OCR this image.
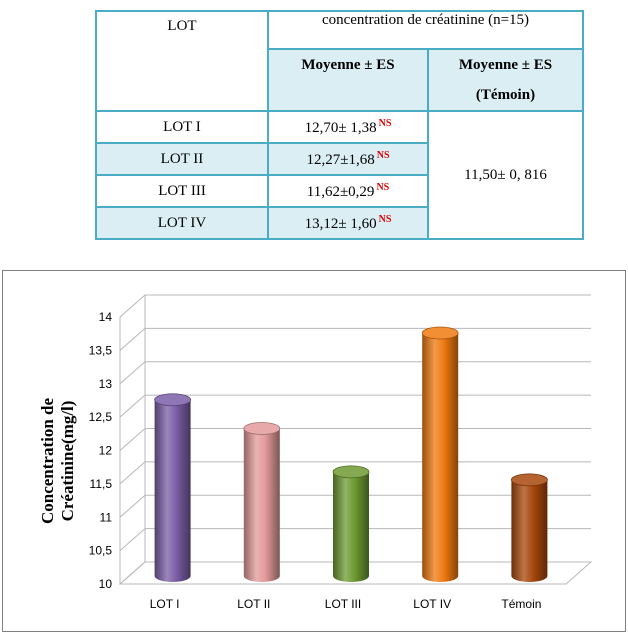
LOT	concentration de créatinine (n=15)	

	Moyenne ± ES	Moyenne ± ES
(Témoin)

LOT I	12,70± 1,38 $^{NS}$	11,50± 0, 816
LOT II	12,27±1,68 $^{NS}$
LOT III	11,62±0,29 $^{NS}$
LOT IV	13,12± 1,60 $^{NS}$
10
10,5
11
11,5
12
12,5
13
13,5
14
LOT I	LOT II	LOT III	LOT IV	Témoin
Concentration de Créatinine(mg/l)
